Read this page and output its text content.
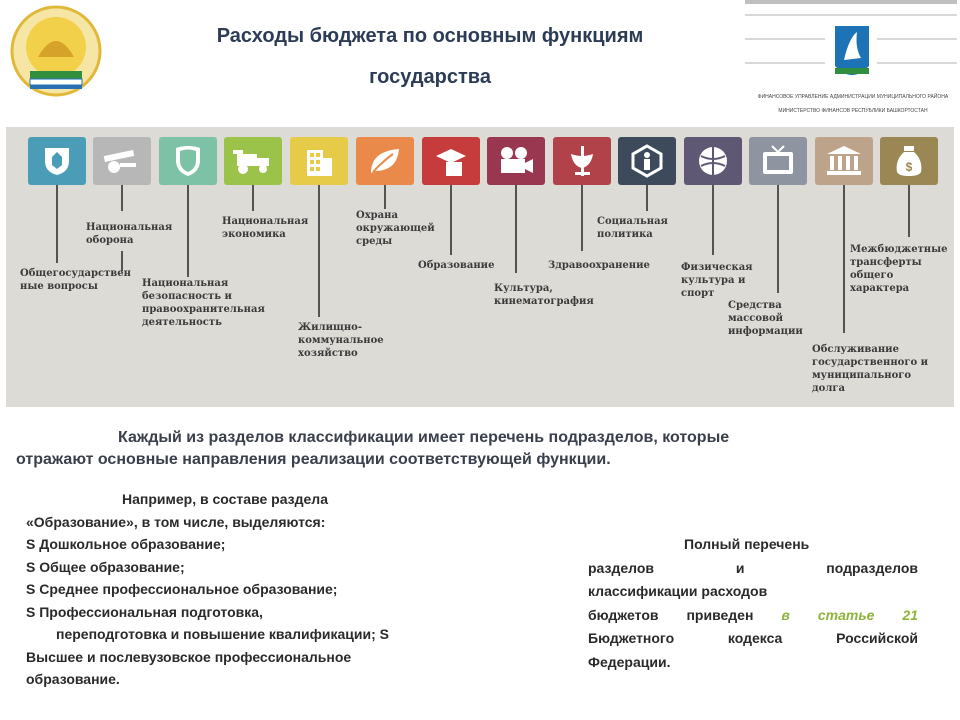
Расходы бюджета по основным функциям
государства
ФИНАНСОВОЕ УПРАВЛЕНИЕ АДМИНИСТРАЦИИ МУНИЦИПАЛЬНОГО РАЙОНА
МИНИСТЕРСТВО ФИНАНСОВ РЕСПУБЛИКИ БАШКОРТОСТАН
$
Общегосударствен ные вопросы
Национальная оборона
Национальная безопасность и правоохранительная деятельность
Национальная экономика
Жилищно-коммунальное хозяйство
Охрана окружающей среды
Образование
Культура, кинематография
Здравоохранение
Социальная политика
Физическая культура и спорт
Средства массовой информации
Обслуживание государственного и муниципального долга
Межбюджетные трансферты общего характера
Каждый из разделов классификации имеет перечень подразделов, которые
отражают основные направления реализации соответствующей функции.
Например, в составе раздела
«Образование», в том числе, выделяются:
S Дошкольное образование;
S Общее образование;
S Среднее профессиональное образование;
S Профессиональная подготовка,
переподготовка и повышение квалификации; S
Высшее и послевузовское профессиональное
образование.
Полный перечень
разделов и подразделов
классификации расходов
бюджетов приведен в статье 21
Бюджетного кодекса Российской
Федерации.
